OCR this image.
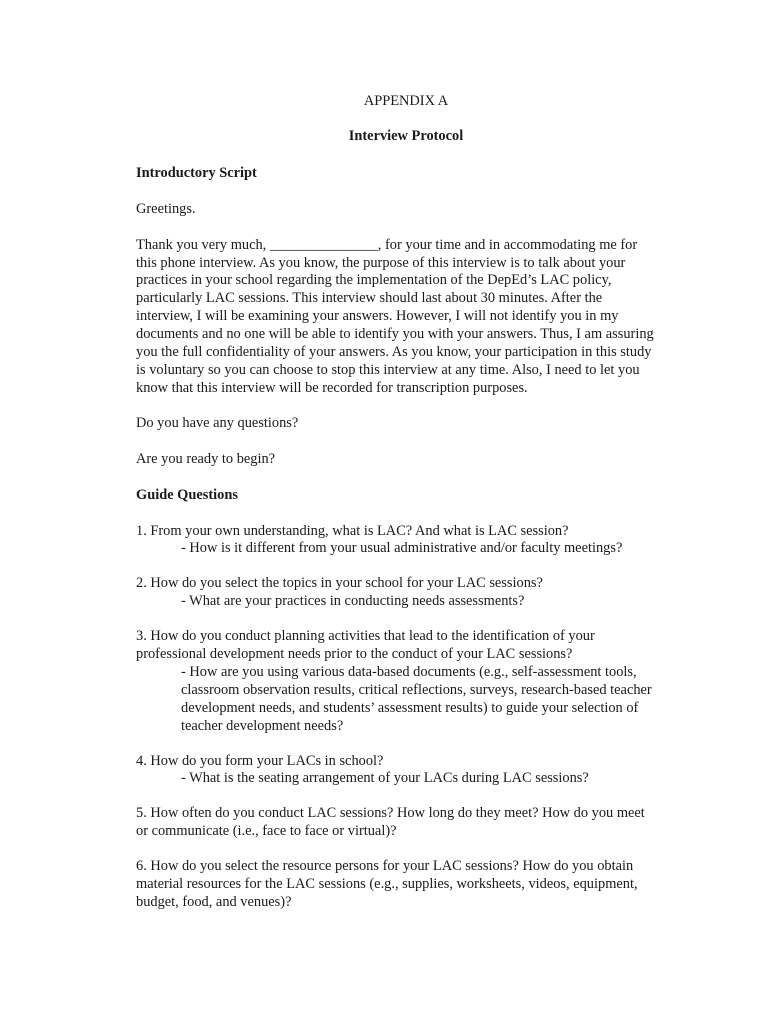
APPENDIX A

Interview Protocol

Introductory Script

Greetings.

Thank you very much, _______________, for your time and in accommodating me for
this phone interview. As you know, the purpose of this interview is to talk about your
practices in your school regarding the implementation of the DepEd’s LAC policy,
particularly LAC sessions. This interview should last about 30 minutes. After the
interview, I will be examining your answers. However, I will not identify you in my
documents and no one will be able to identify you with your answers. Thus, I am assuring
you the full confidentiality of your answers. As you know, your participation in this study
is voluntary so you can choose to stop this interview at any time. Also, I need to let you
know that this interview will be recorded for transcription purposes.

Do you have any questions?

Are you ready to begin?

Guide Questions

1. From your own understanding, what is LAC? And what is LAC session?
- How is it different from your usual administrative and/or faculty meetings?
2. How do you select the topics in your school for your LAC sessions?
- What are your practices in conducting needs assessments?
3. How do you conduct planning activities that lead to the identification of your
professional development needs prior to the conduct of your LAC sessions?
- How are you using various data-based documents (e.g., self-assessment tools,
classroom observation results, critical reflections, surveys, research-based teacher
development needs, and students’ assessment results) to guide your selection of
teacher development needs?
4. How do you form your LACs in school?
- What is the seating arrangement of your LACs during LAC sessions?
5. How often do you conduct LAC sessions? How long do they meet? How do you meet
or communicate (i.e., face to face or virtual)?
6. How do you select the resource persons for your LAC sessions? How do you obtain
material resources for the LAC sessions (e.g., supplies, worksheets, videos, equipment,
budget, food, and venues)?
